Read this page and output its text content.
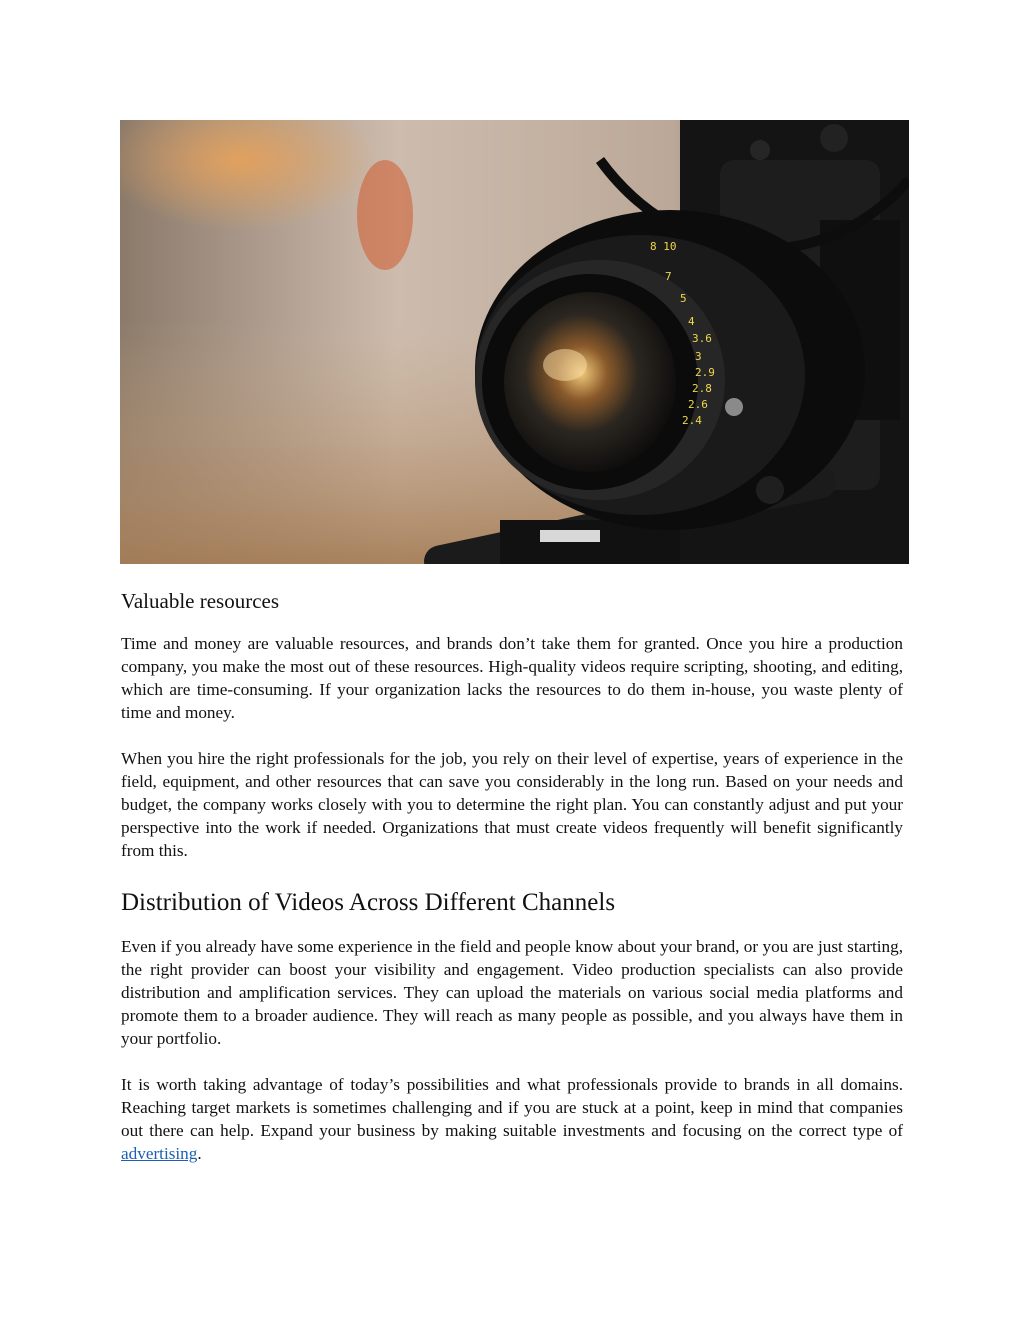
8 10
7
5
4
3.6
3
2.9
2.8
2.6
2.4
Valuable resources

Time and money are valuable resources, and brands don’t take them for granted. Once you hire a production company, you make the most out of these resources. High-quality videos require scripting, shooting, and editing, which are time-consuming. If your organization lacks the resources to do them in-house, you waste plenty of time and money.

When you hire the right professionals for the job, you rely on their level of expertise, years of experience in the field, equipment, and other resources that can save you considerably in the long run. Based on your needs and budget, the company works closely with you to determine the right plan. You can constantly adjust and put your perspective into the work if needed. Organizations that must create videos frequently will benefit significantly from this.

Distribution of Videos Across Different Channels

Even if you already have some experience in the field and people know about your brand, or you are just starting, the right provider can boost your visibility and engagement. Video production specialists can also provide distribution and amplification services. They can upload the materials on various social media platforms and promote them to a broader audience. They will reach as many people as possible, and you always have them in your portfolio.

It is worth taking advantage of today’s possibilities and what professionals provide to brands in all domains. Reaching target markets is sometimes challenging and if you are stuck at a point, keep in mind that companies out there can help. Expand your business by making suitable investments and focusing on the correct type of advertising.
